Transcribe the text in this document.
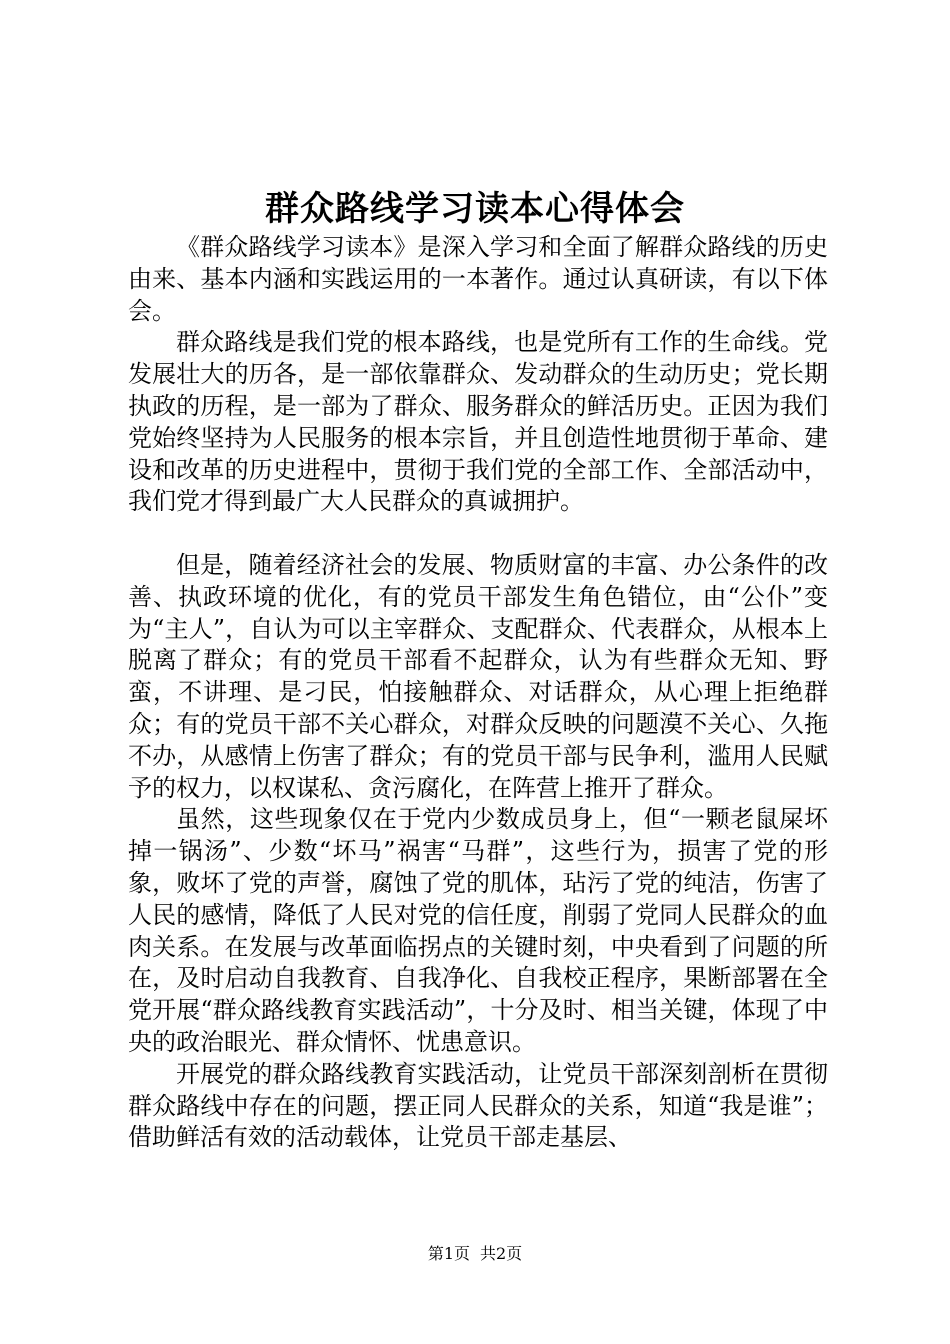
群众路线学习读本心得体会

《群众路线学习读本》是深入学习和全面了解群众路线的历史由来、基本内涵和实践运用的一本著作。通过认真研读，有以下体会。

群众路线是我们党的根本路线，也是党所有工作的生命线。党发展壮大的历各，是一部依靠群众、发动群众的生动历史；党长期执政的历程，是一部为了群众、服务群众的鲜活历史。正因为我们党始终坚持为人民服务的根本宗旨，并且创造性地贯彻于革命、建设和改革的历史进程中，贯彻于我们党的全部工作、全部活动中，我们党才得到最广大人民群众的真诚拥护。

但是，随着经济社会的发展、物质财富的丰富、办公条件的改善、执政环境的优化，有的党员干部发生角色错位，由“公仆”变为“主人”，自认为可以主宰群众、支配群众、代表群众，从根本上脱离了群众；有的党员干部看不起群众，认为有些群众无知、野蛮，不讲理、是刁民，怕接触群众、对话群众，从心理上拒绝群众；有的党员干部不关心群众，对群众反映的问题漠不关心、久拖不办，从感情上伤害了群众；有的党员干部与民争利，滥用人民赋予的权力，以权谋私、贪污腐化，在阵营上推开了群众。

虽然，这些现象仅在于党内少数成员身上，但“一颗老鼠屎坏掉一锅汤”、少数“坏马”祸害“马群”，这些行为，损害了党的形象，败坏了党的声誉，腐蚀了党的肌体，玷污了党的纯洁，伤害了人民的感情，降低了人民对党的信任度，削弱了党同人民群众的血肉关系。在发展与改革面临拐点的关键时刻，中央看到了问题的所在，及时启动自我教育、自我净化、自我校正程序，果断部署在全党开展“群众路线教育实践活动”，十分及时、相当关键，体现了中央的政治眼光、群众情怀、忧患意识。

开展党的群众路线教育实践活动，让党员干部深刻剖析在贯彻群众路线中存在的问题，摆正同人民群众的关系，知道“我是谁”；借助鲜活有效的活动载体，让党员干部走基层、

第1页 共2页
